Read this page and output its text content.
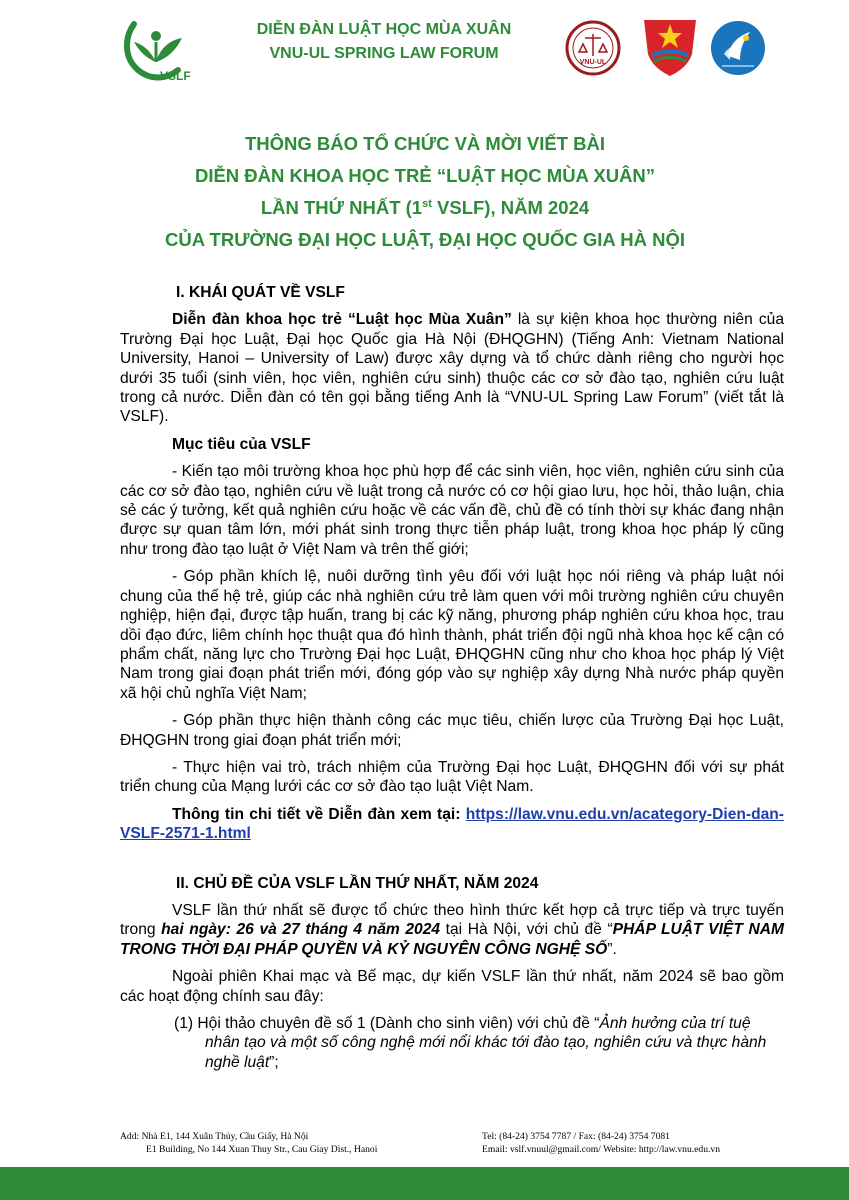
VSLF
DIỄN ĐÀN LUẬT HỌC MÙA XUÂN
VNU-UL SPRING LAW FORUM
VNU-UL
THÔNG BÁO TỔ CHỨC VÀ MỜI VIẾT BÀI
DIỄN ĐÀN KHOA HỌC TRẺ “LUẬT HỌC MÙA XUÂN”
LẦN THỨ NHẤT (1st VSLF), NĂM 2024
CỦA TRƯỜNG ĐẠI HỌC LUẬT, ĐẠI HỌC QUỐC GIA HÀ NỘI

I. KHÁI QUÁT VỀ VSLF

Diễn đàn khoa học trẻ “Luật học Mùa Xuân” là sự kiện khoa học thường niên của Trường Đại học Luật, Đại học Quốc gia Hà Nội (ĐHQGHN) (Tiếng Anh: Vietnam National University, Hanoi – University of Law) được xây dựng và tổ chức dành riêng cho người học dưới 35 tuổi (sinh viên, học viên, nghiên cứu sinh) thuộc các cơ sở đào tạo, nghiên cứu luật trong cả nước. Diễn đàn có tên gọi bằng tiếng Anh là “VNU-UL Spring Law Forum” (viết tắt là VSLF).

Mục tiêu của VSLF

- Kiến tạo môi trường khoa học phù hợp để các sinh viên, học viên, nghiên cứu sinh của các cơ sở đào tạo, nghiên cứu về luật trong cả nước có cơ hội giao lưu, học hỏi, thảo luận, chia sẻ các ý tưởng, kết quả nghiên cứu hoặc về các vấn đề, chủ đề có tính thời sự khác đang nhận được sự quan tâm lớn, mới phát sinh trong thực tiễn pháp luật, trong khoa học pháp lý cũng như trong đào tạo luật ở Việt Nam và trên thế giới;

- Góp phần khích lệ, nuôi dưỡng tình yêu đối với luật học nói riêng và pháp luật nói chung của thế hệ trẻ, giúp các nhà nghiên cứu trẻ làm quen với môi trường nghiên cứu chuyên nghiệp, hiện đại, được tập huấn, trang bị các kỹ năng, phương pháp nghiên cứu khoa học, trau dồi đạo đức, liêm chính học thuật qua đó hình thành, phát triển đội ngũ nhà khoa học kế cận có phẩm chất, năng lực cho Trường Đại học Luật, ĐHQGHN cũng như cho khoa học pháp lý Việt Nam trong giai đoạn phát triển mới, đóng góp vào sự nghiệp xây dựng Nhà nước pháp quyền xã hội chủ nghĩa Việt Nam;

- Góp phần thực hiện thành công các mục tiêu, chiến lược của Trường Đại học Luật, ĐHQGHN trong giai đoạn phát triển mới;

- Thực hiện vai trò, trách nhiệm của Trường Đại học Luật, ĐHQGHN đối với sự phát triển chung của Mạng lưới các cơ sở đào tạo luật Việt Nam.

Thông tin chi tiết về Diễn đàn xem tại: https://law.vnu.edu.vn/acategory-Dien-dan-VSLF-2571-1.html

II. CHỦ ĐỀ CỦA VSLF LẦN THỨ NHẤT, NĂM 2024

VSLF lần thứ nhất sẽ được tổ chức theo hình thức kết hợp cả trực tiếp và trực tuyến trong hai ngày: 26 và 27 tháng 4 năm 2024 tại Hà Nội, với chủ đề “PHÁP LUẬT VIỆT NAM TRONG THỜI ĐẠI PHÁP QUYỀN VÀ KỶ NGUYÊN CÔNG NGHỆ SỐ”.

Ngoài phiên Khai mạc và Bế mạc, dự kiến VSLF lần thứ nhất, năm 2024 sẽ bao gồm các hoạt động chính sau đây:

(1) Hội thảo chuyên đề số 1 (Dành cho sinh viên) với chủ đề “Ảnh hưởng của trí tuệ nhân tạo và một số công nghệ mới nổi khác tới đào tạo, nghiên cứu và thực hành nghề luật”;

Add: Nhà E1, 144 Xuân Thủy, Cầu Giấy, Hà Nội
E1 Building, No 144 Xuan Thuy Str., Cau Giay Dist., Hanoi
Tel: (84-24) 3754 7787 / Fax: (84-24) 3754 7081
Email: vslf.vnuul@gmail.com/ Website: http://law.vnu.edu.vn
